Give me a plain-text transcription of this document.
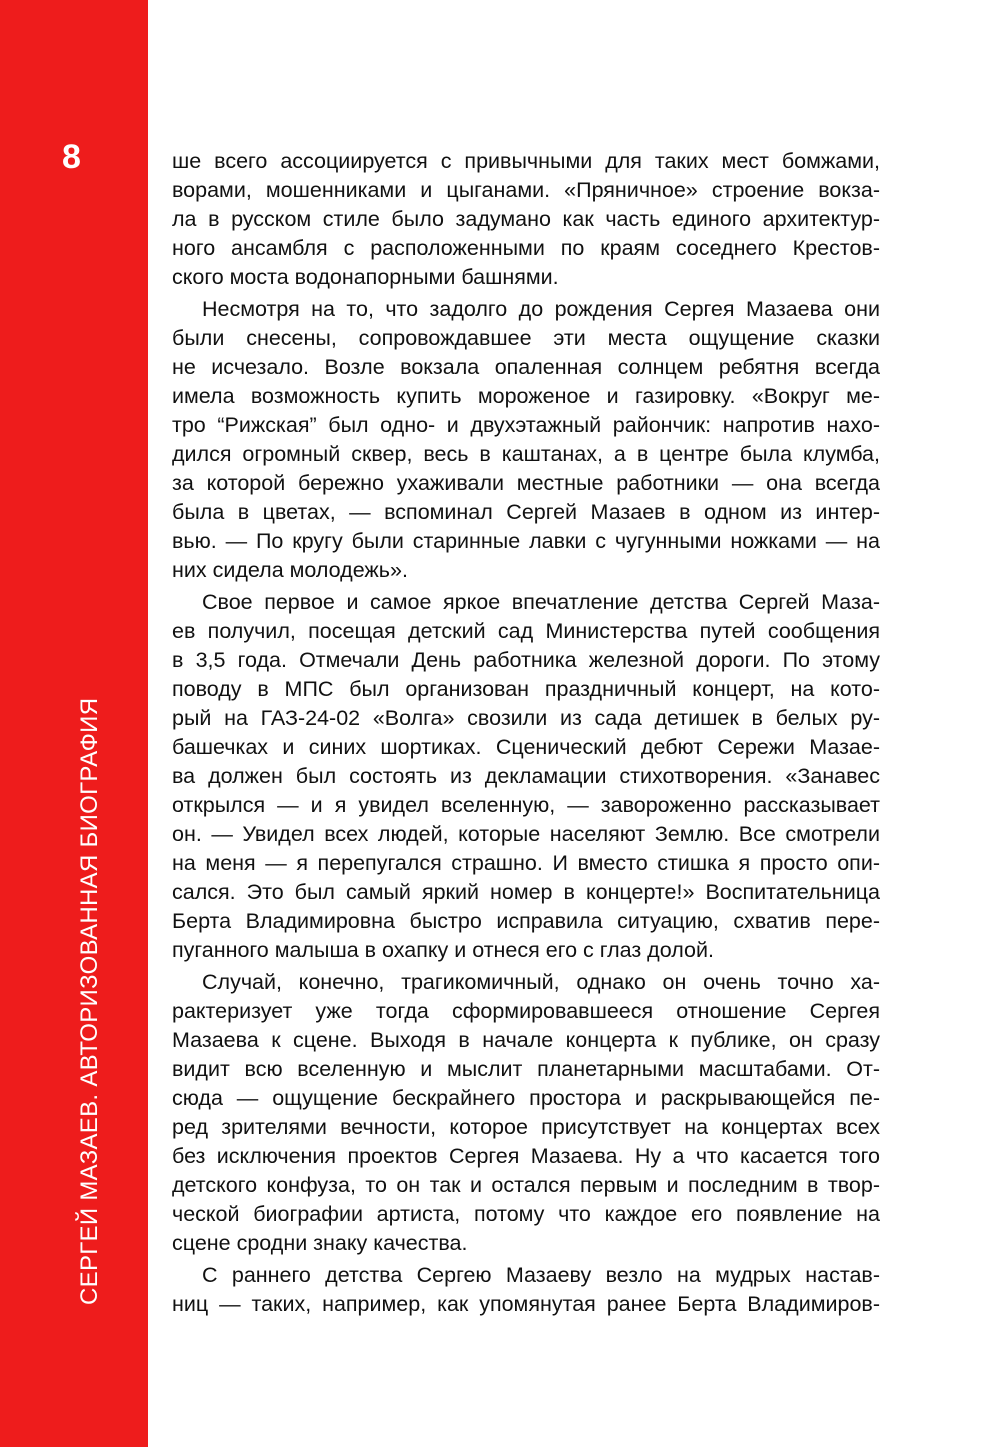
8
СЕРГЕЙ МАЗАЕВ. АВТОРИЗОВАННАЯ БИОГРАФИЯ
ше всего ассоциируется с привычными для таких мест бомжами,
ворами, мошенниками и цыганами. «Пряничное» строение вокза-
ла в русском стиле было задумано как часть единого архитектур-
ного ансамбля с расположенными по краям соседнего Крестов-
ского моста водонапорными башнями.
Несмотря на то, что задолго до рождения Сергея Мазаева они
были снесены, сопровождавшее эти места ощущение сказки
не исчезало. Возле вокзала опаленная солнцем ребятня всегда
имела возможность купить мороженое и газировку. «Вокруг ме-
тро “Рижская” был одно- и двухэтажный райончик: напротив нахо-
дился огромный сквер, весь в каштанах, а в центре была клумба,
за которой бережно ухаживали местные работники — она всегда
была в цветах, — вспоминал Сергей Мазаев в одном из интер-
вью. — По кругу были старинные лавки с чугунными ножками — на
них сидела молодежь».
Свое первое и самое яркое впечатление детства Сергей Маза-
ев получил, посещая детский сад Министерства путей сообщения
в 3,5 года. Отмечали День работника железной дороги. По этому
поводу в МПС был организован праздничный концерт, на кото-
рый на ГАЗ-24-02 «Волга» свозили из сада детишек в белых ру-
башечках и синих шортиках. Сценический дебют Сережи Мазае-
ва должен был состоять из декламации стихотворения. «Занавес
открылся — и я увидел вселенную, — завороженно рассказывает
он. — Увидел всех людей, которые населяют Землю. Все смотрели
на меня — я перепугался страшно. И вместо стишка я просто опи-
сался. Это был самый яркий номер в концерте!» Воспитательница
Берта Владимировна быстро исправила ситуацию, схватив пере-
пуганного малыша в охапку и отнеся его с глаз долой.
Случай, конечно, трагикомичный, однако он очень точно ха-
рактеризует уже тогда сформировавшееся отношение Сергея
Мазаева к сцене. Выходя в начале концерта к публике, он сразу
видит всю вселенную и мыслит планетарными масштабами. От-
сюда — ощущение бескрайнего простора и раскрывающейся пе-
ред зрителями вечности, которое присутствует на концертах всех
без исключения проектов Сергея Мазаева. Ну а что касается того
детского конфуза, то он так и остался первым и последним в твор-
ческой биографии артиста, потому что каждое его появление на
сцене сродни знаку качества.
С раннего детства Сергею Мазаеву везло на мудрых настав-
ниц — таких, например, как упомянутая ранее Берта Владимиров-
